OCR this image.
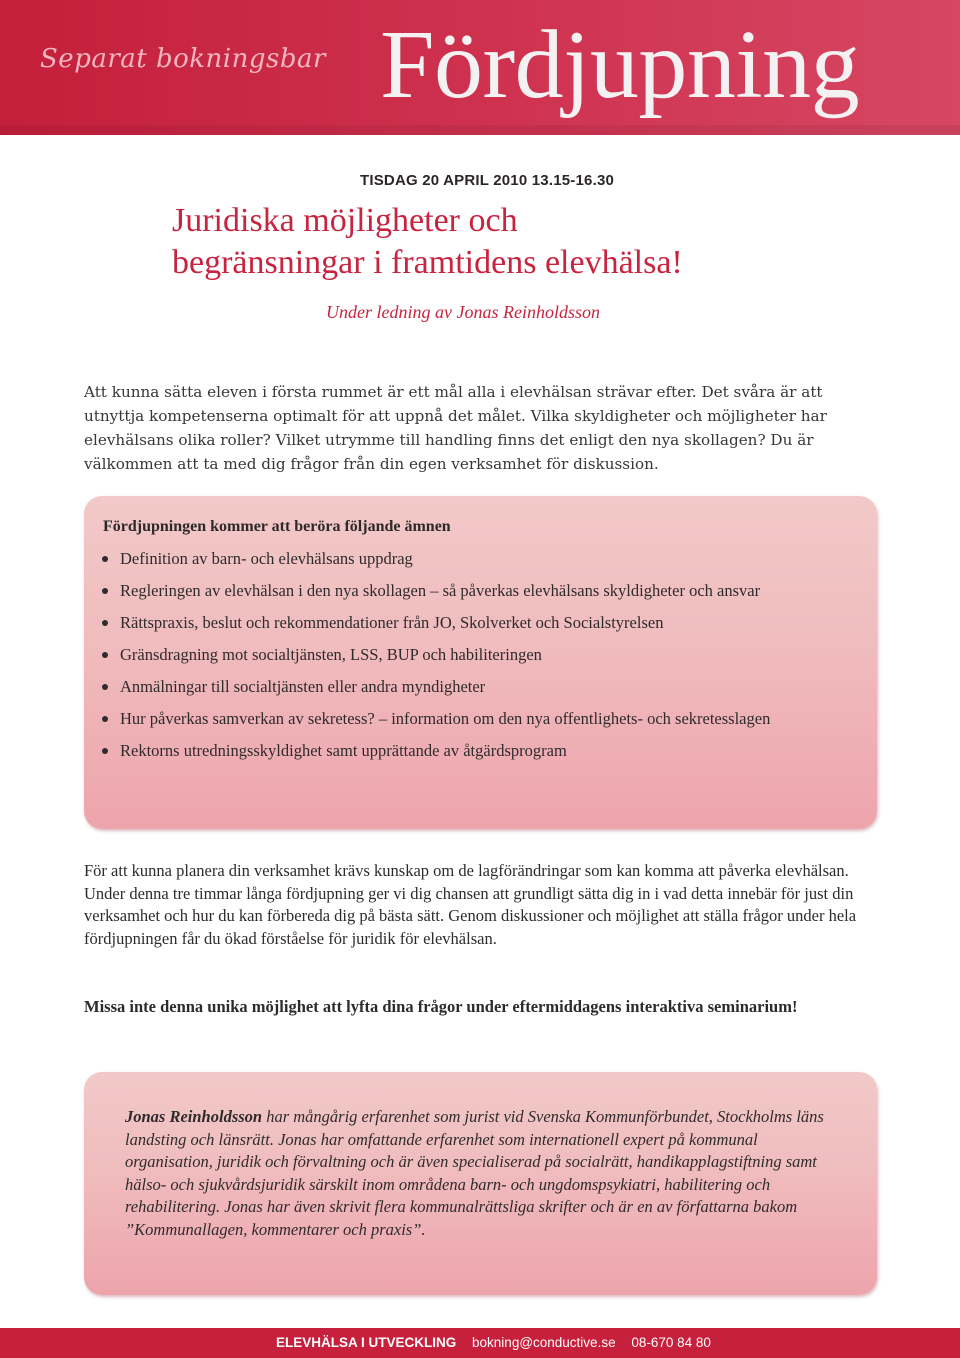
Separat bokningsbar Fördjupning
TISDAG 20 APRIL 2010 13.15-16.30
Juridiska möjligheter och
begränsningar i framtidens elevhälsa!
Under ledning av Jonas Reinholdsson

Att kunna sätta eleven i första rummet är ett mål alla i elevhälsan strävar efter. Det svåra är att utnyttja kompetenserna optimalt för att uppnå det målet. Vilka skyldigheter och möjligheter har elevhälsans olika roller? Vilket utrymme till handling finns det enligt den nya skollagen? Du är välkommen att ta med dig frågor från din egen verksamhet för diskussion.

Fördjupningen kommer att beröra följande ämnen
Definition av barn- och elevhälsans uppdrag
Regleringen av elevhälsan i den nya skollagen – så påverkas elevhälsans skyldigheter och ansvar
Rättspraxis, beslut och rekommendationer från JO, Skolverket och Socialstyrelsen
Gränsdragning mot socialtjänsten, LSS, BUP och habiliteringen
Anmälningar till socialtjänsten eller andra myndigheter
Hur påverkas samverkan av sekretess? – information om den nya offentlighets- och sekretesslagen
Rektorns utredningsskyldighet samt upprättande av åtgärdsprogram

För att kunna planera din verksamhet krävs kunskap om de lagförändringar som kan komma att påverka elevhälsan. Under denna tre timmar långa fördjupning ger vi dig chansen att grundligt sätta dig in i vad detta innebär för just din verksamhet och hur du kan förbereda dig på bästa sätt. Genom diskussioner och möjlighet att ställa frågor under hela fördjupningen får du ökad förståelse för juridik för elevhälsan.

Missa inte denna unika möjlighet att lyfta dina frågor under eftermiddagens interaktiva seminarium!

Jonas Reinholdsson har mångårig erfarenhet som jurist vid Svenska Kommunförbundet, Stockholms läns landsting och länsrätt. Jonas har omfattande erfarenhet som internationell expert på kommunal organisation, juridik och förvaltning och är även specialiserad på socialrätt, handikapplagstiftning samt hälso- och sjukvårdsjuridik särskilt inom områdena barn- och ungdomspsykiatri, habilitering och rehabilitering. Jonas har även skrivit flera kommunalrättsliga skrifter och är en av författarna bakom ”Kommunallagen, kommentarer och praxis”.

ELEVHÄLSA I UTVECKLING bokning@conductive.se 08-670 84 80
